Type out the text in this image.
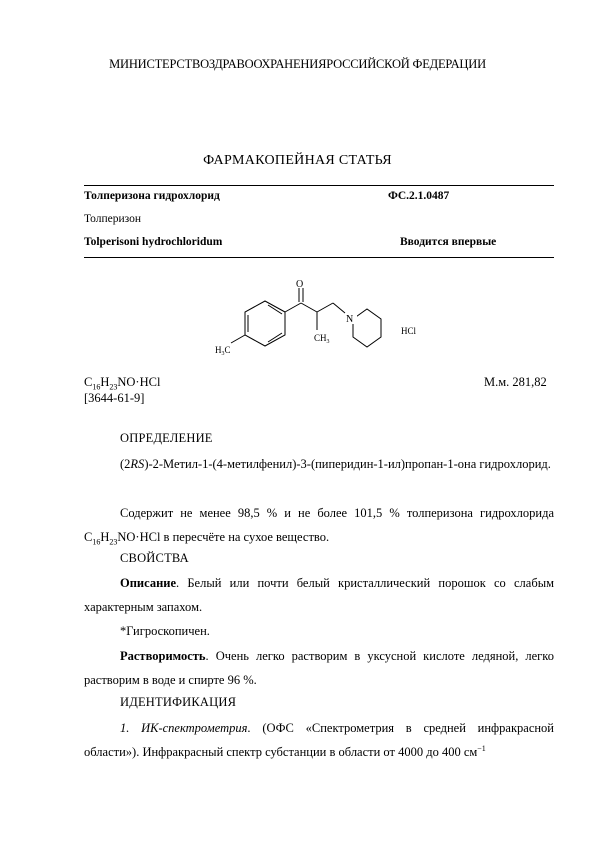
МИНИСТЕРСТВОЗДРАВООХРАНЕНИЯРОССИЙСКОЙ ФЕДЕРАЦИИ
ФАРМАКОПЕЙНАЯ СТАТЬЯ
Толперизона гидрохлорид	ФС.2.1.0487
Толперизон
Tolperisoni hydrochloridum	Вводится впервые
O
N
$CH_3$
$H_3C$
HCl
$C_{16}H_{23}NO\cdot HCl$	М.м. 281,82
[3644-61-9]
ОПРЕДЕЛЕНИЕ
(2RS)-2-Метил-1-(4-метилфенил)-3-(пиперидин-1-ил)пропан-1-она гидрохлорид.
Содержит не менее 98,5 % и не более 101,5 % толперизона гидрохлорида $C_{16}H_{23}NO\cdot HCl$ в пересчёте на сухое вещество.
СВОЙСТВА
Описание. Белый или почти белый кристаллический порошок со слабым характерным запахом.
*Гигроскопичен.
Растворимость. Очень легко растворим в уксусной кислоте ледяной, легко растворим в воде и спирте 96 %.
ИДЕНТИФИКАЦИЯ
1. ИК-спектрометрия. (ОФС «Спектрометрия в средней инфракрасной области»). Инфракрасный спектр субстанции в области от 4000 до 400 $см^{-1}$
